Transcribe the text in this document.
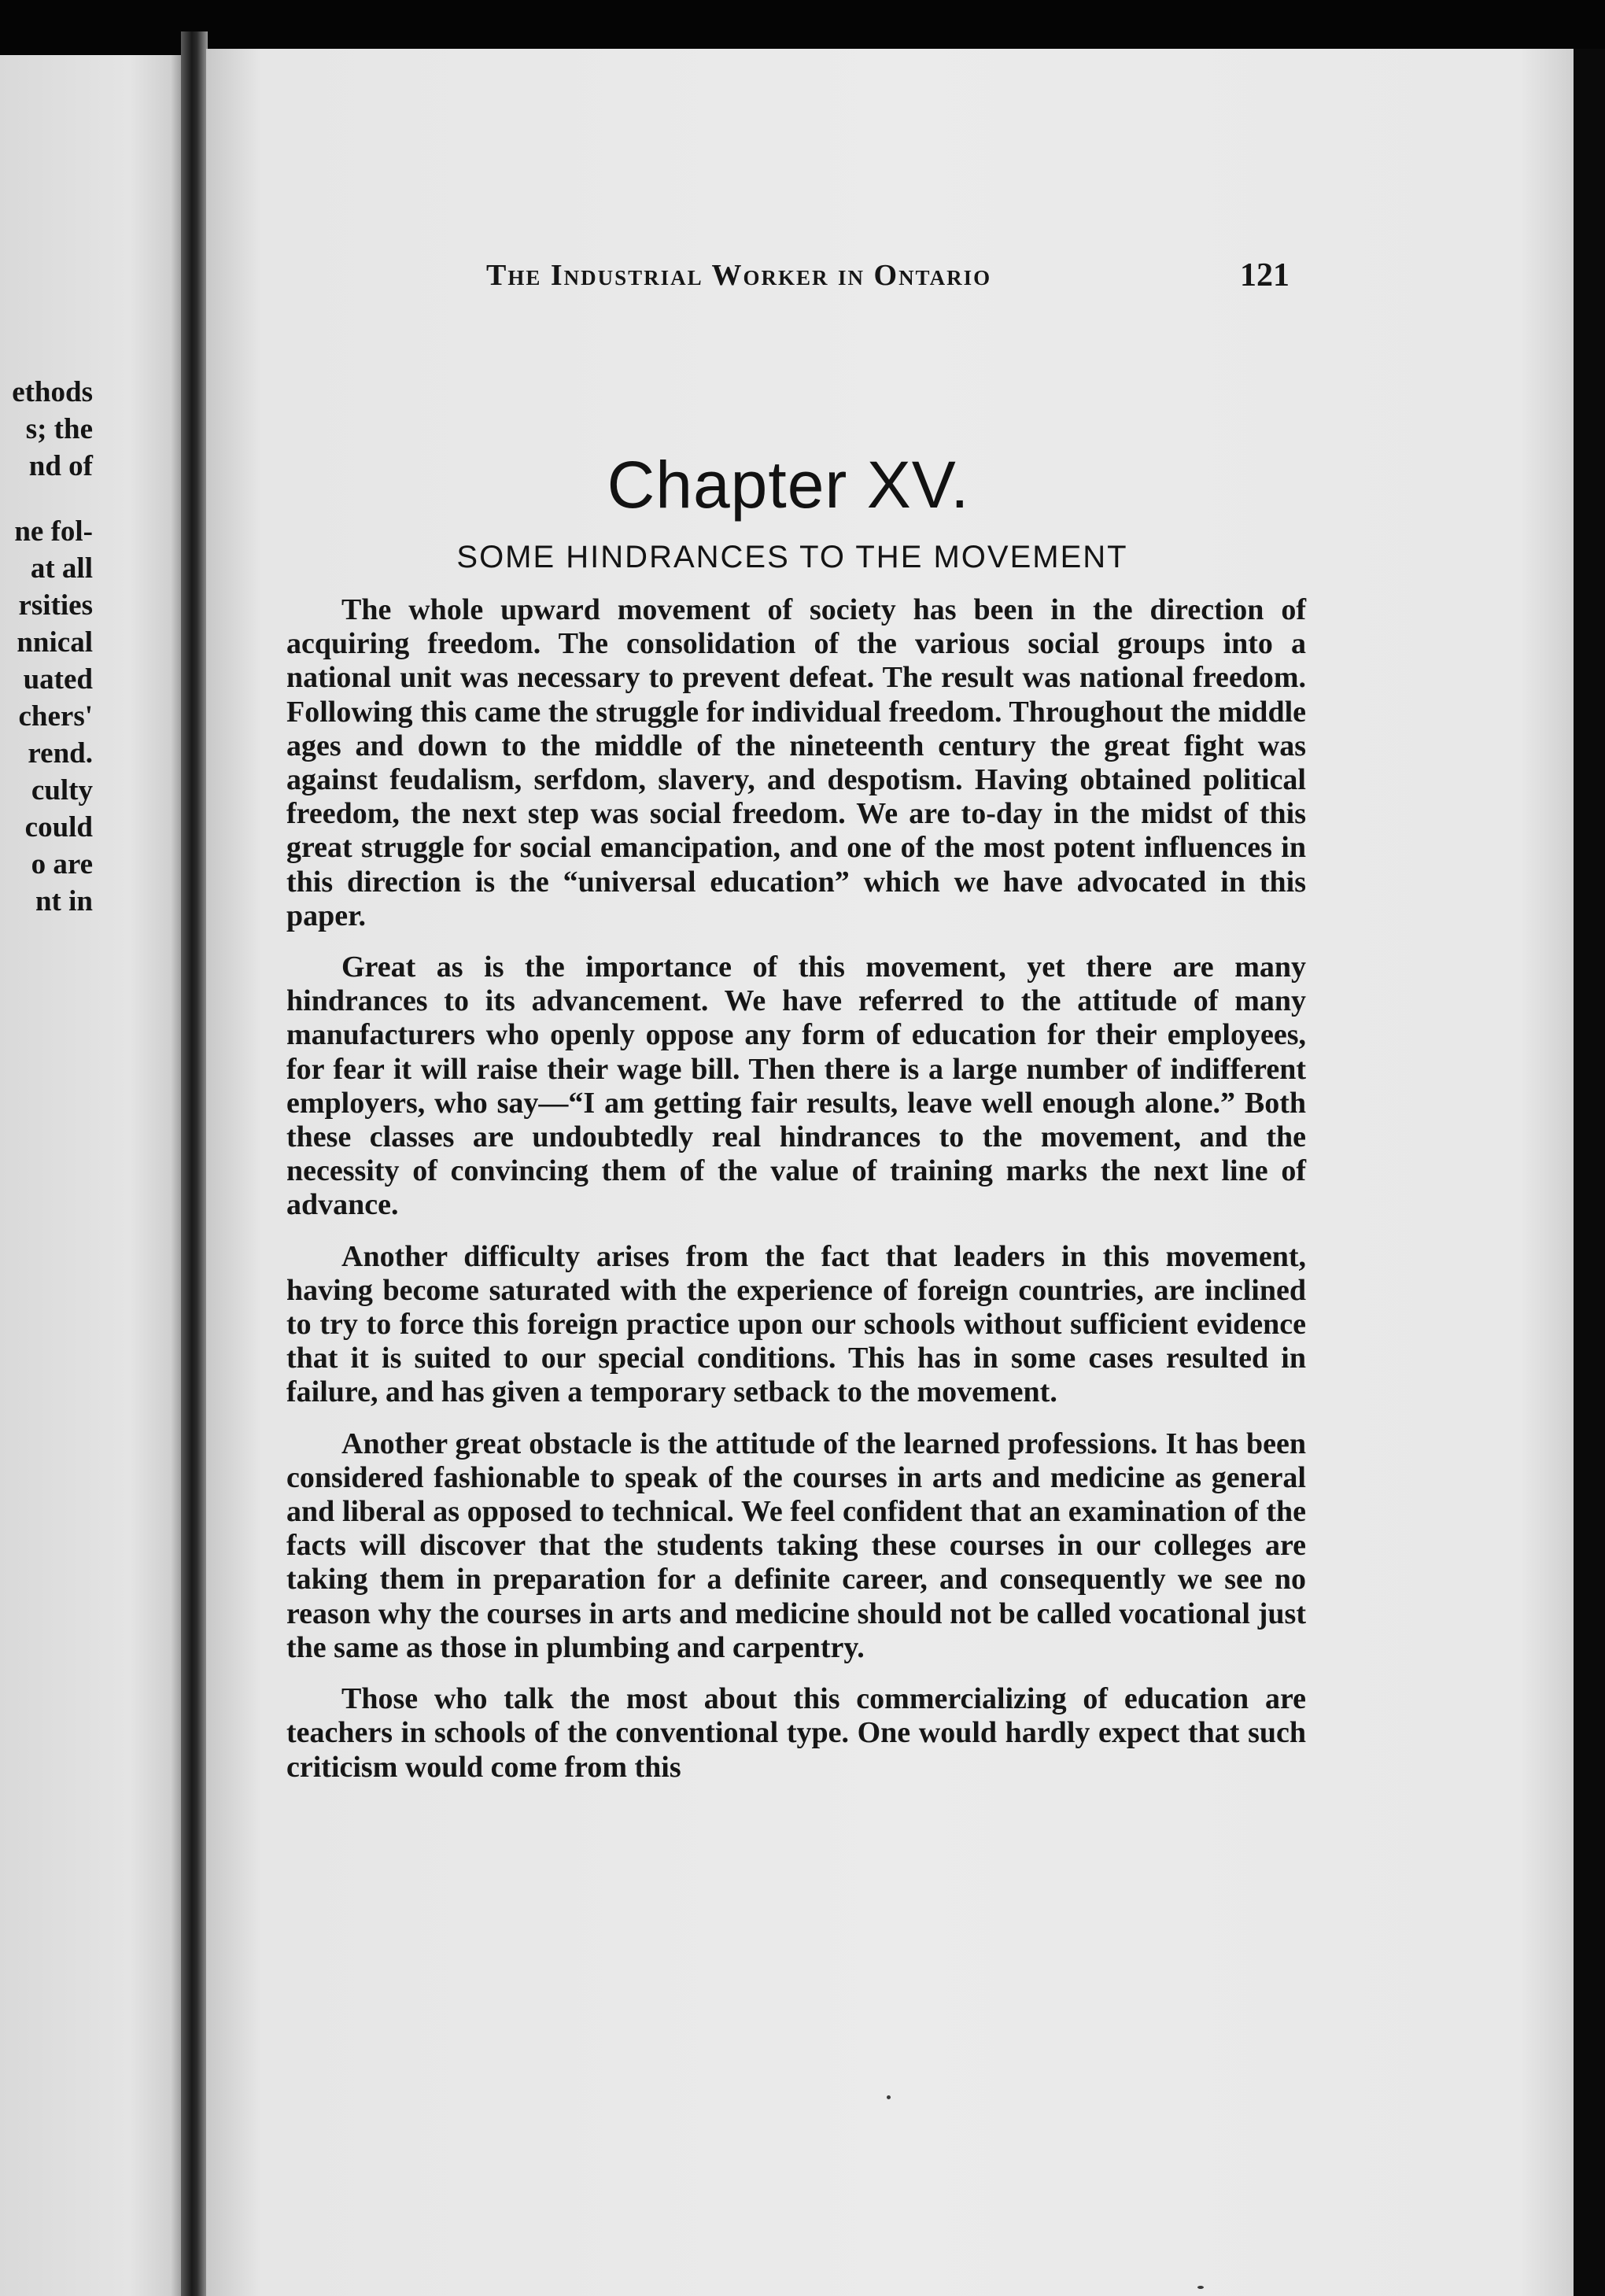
ethods
s; the
nd of
ne fol-
at all
rsities
nnical
uated
chers'
rend.
culty
could
o are
nt in
The Industrial Worker in Ontario	121
Chapter XV.
SOME HINDRANCES TO THE MOVEMENT

The whole upward movement of society has been in the direction of acquiring freedom. The consolidation of the various social groups into a national unit was necessary to prevent defeat. The result was national freedom. Following this came the struggle for individual freedom. Throughout the middle ages and down to the middle of the nineteenth century the great fight was against feudalism, serfdom, slavery, and despotism. Having obtained political freedom, the next step was social freedom. We are to-day in the midst of this great struggle for social emancipation, and one of the most potent influences in this direction is the “universal education” which we have advocated in this paper.

Great as is the importance of this movement, yet there are many hindrances to its advancement. We have referred to the attitude of many manufacturers who openly oppose any form of education for their employees, for fear it will raise their wage bill. Then there is a large number of indifferent employers, who say—“I am getting fair results, leave well enough alone.” Both these classes are undoubtedly real hindrances to the movement, and the necessity of convincing them of the value of training marks the next line of advance.

Another difficulty arises from the fact that leaders in this movement, having become saturated with the experience of foreign countries, are inclined to try to force this foreign practice upon our schools without sufficient evidence that it is suited to our special conditions. This has in some cases resulted in failure, and has given a temporary setback to the movement.

Another great obstacle is the attitude of the learned professions. It has been considered fashionable to speak of the courses in arts and medicine as general and liberal as opposed to technical. We feel confident that an examination of the facts will discover that the students taking these courses in our colleges are taking them in preparation for a definite career, and consequently we see no reason why the courses in arts and medicine should not be called vocational just the same as those in plumbing and carpentry.

Those who talk the most about this commercializing of education are teachers in schools of the conventional type. One would hardly expect that such criticism would come from this
